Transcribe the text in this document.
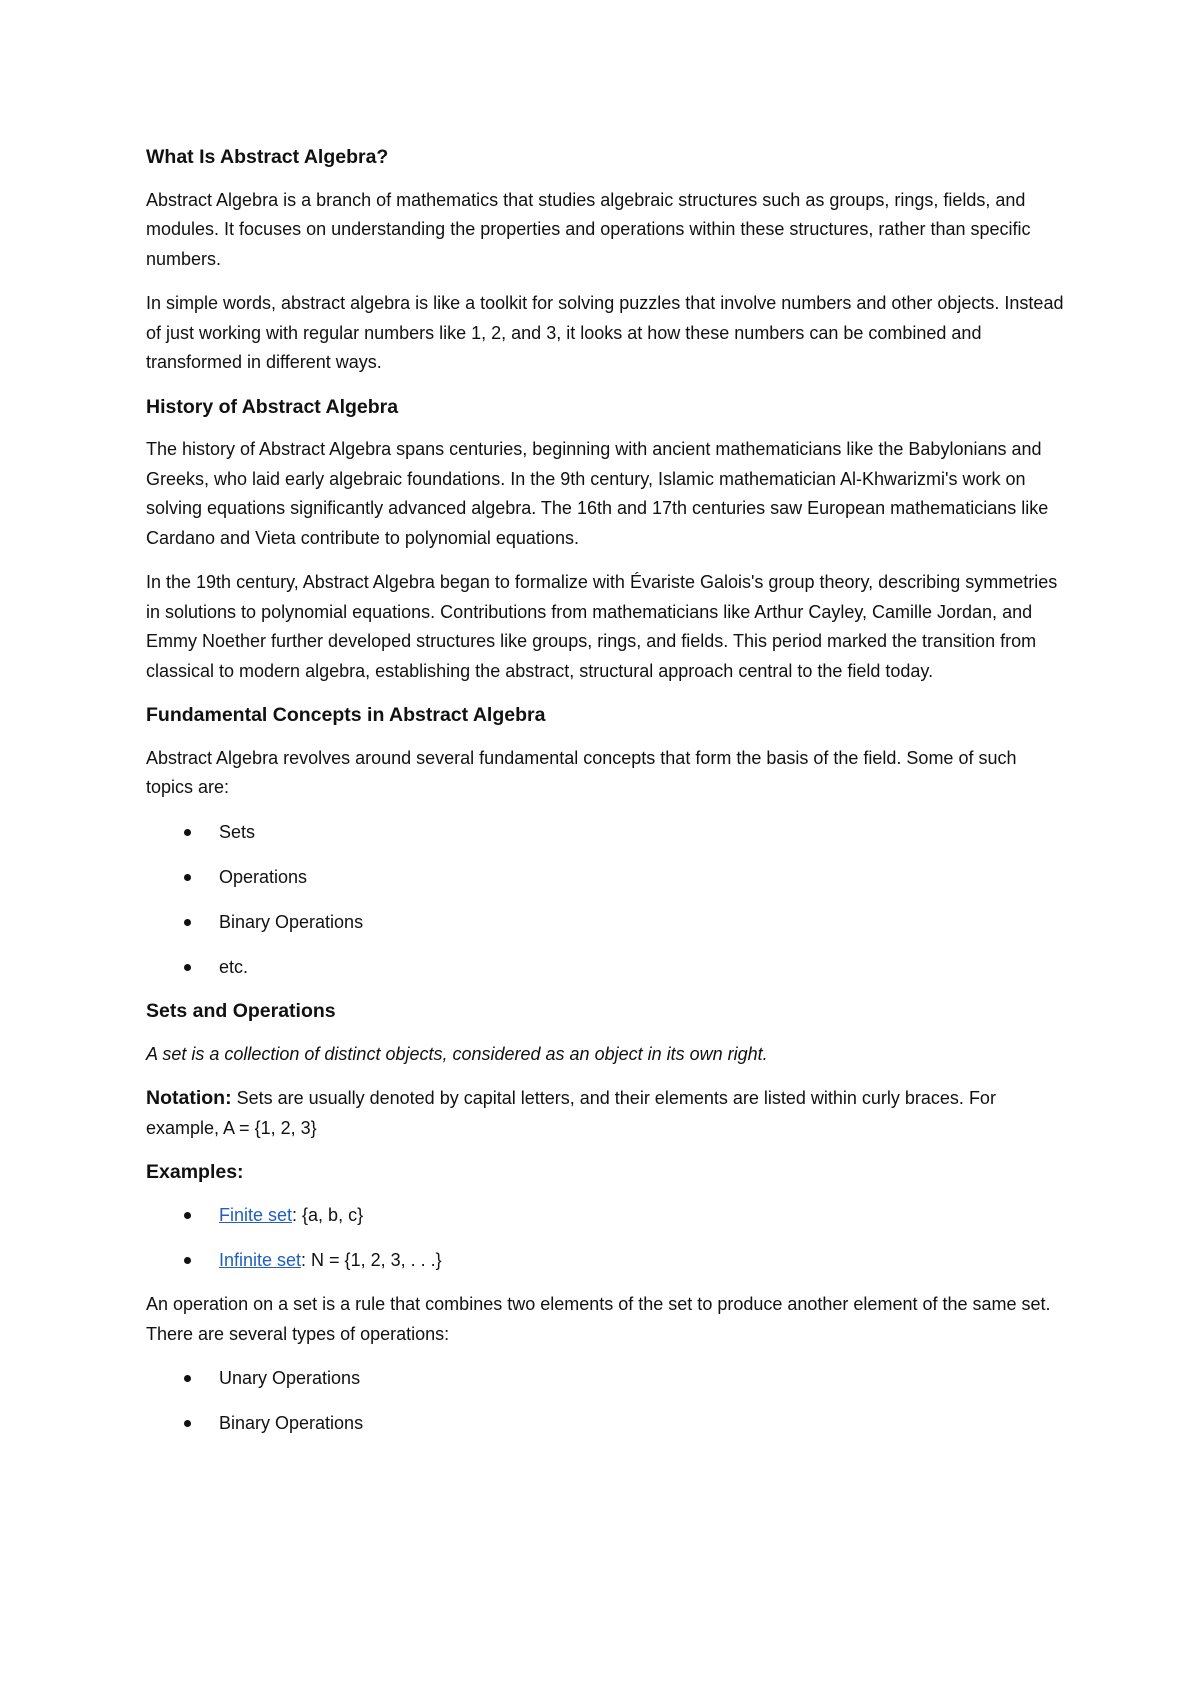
What Is Abstract Algebra?

Abstract Algebra is a branch of mathematics that studies algebraic structures such as groups, rings, fields, and modules. It focuses on understanding the properties and operations within these structures, rather than specific numbers.

In simple words, abstract algebra is like a toolkit for solving puzzles that involve numbers and other objects. Instead of just working with regular numbers like 1, 2, and 3, it looks at how these numbers can be combined and transformed in different ways.

History of Abstract Algebra

The history of Abstract Algebra spans centuries, beginning with ancient mathematicians like the Babylonians and Greeks, who laid early algebraic foundations. In the 9th century, Islamic mathematician Al-Khwarizmi's work on solving equations significantly advanced algebra. The 16th and 17th centuries saw European mathematicians like Cardano and Vieta contribute to polynomial equations.

In the 19th century, Abstract Algebra began to formalize with Évariste Galois's group theory, describing symmetries in solutions to polynomial equations. Contributions from mathematicians like Arthur Cayley, Camille Jordan, and Emmy Noether further developed structures like groups, rings, and fields. This period marked the transition from classical to modern algebra, establishing the abstract, structural approach central to the field today.

Fundamental Concepts in Abstract Algebra

Abstract Algebra revolves around several fundamental concepts that form the basis of the field. Some of such topics are:

Sets
Operations
Binary Operations
etc.
Sets and Operations

A set is a collection of distinct objects, considered as an object in its own right.

Notation: Sets are usually denoted by capital letters, and their elements are listed within curly braces. For example, A = {1, 2, 3}

Examples:
Finite set: {a, b, c}
Infinite set: N = {1, 2, 3, . . .}

An operation on a set is a rule that combines two elements of the set to produce another element of the same set. There are several types of operations:

Unary Operations
Binary Operations
